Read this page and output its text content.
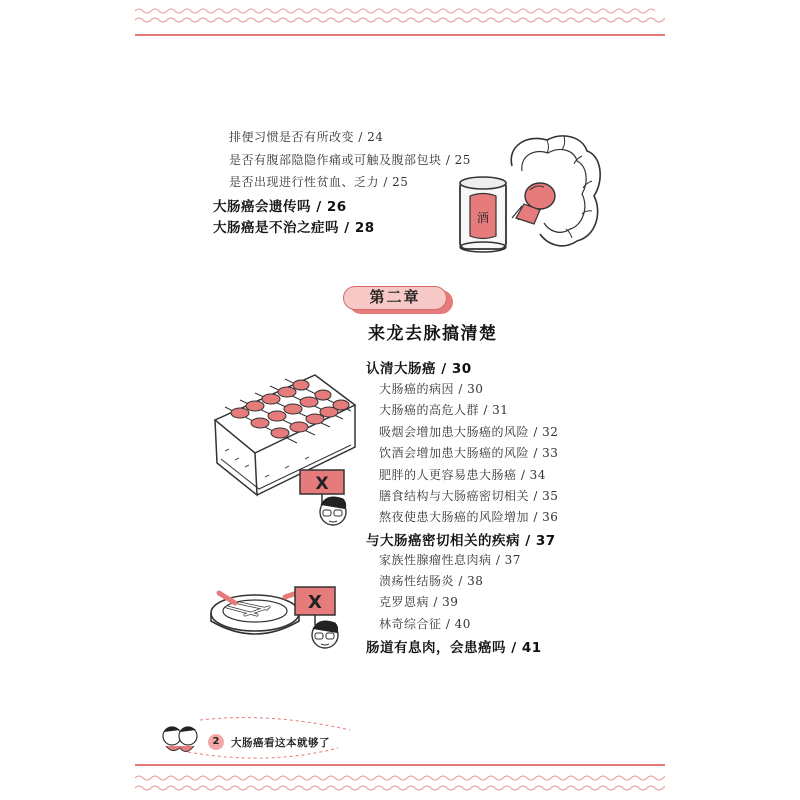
排便习惯是否有所改变 / 24
是否有腹部隐隐作痛或可触及腹部包块 / 25
是否出现进行性贫血、乏力 / 25
大肠癌会遗传吗 / 26
大肠癌是不治之症吗 / 28
酒
第二章
来龙去脉搞清楚
认清大肠癌 / 30
大肠癌的病因 / 30
大肠癌的高危人群 / 31
吸烟会增加患大肠癌的风险 / 32
饮酒会增加患大肠癌的风险 / 33
肥胖的人更容易患大肠癌 / 34
膳食结构与大肠癌密切相关 / 35
熬夜使患大肠癌的风险增加 / 36
与大肠癌密切相关的疾病 / 37
家族性腺瘤性息肉病 / 37
溃疡性结肠炎 / 38
克罗恩病 / 39
林奇综合征 / 40
肠道有息肉，会患癌吗 / 41
X
X
2	大肠癌看这本就够了
